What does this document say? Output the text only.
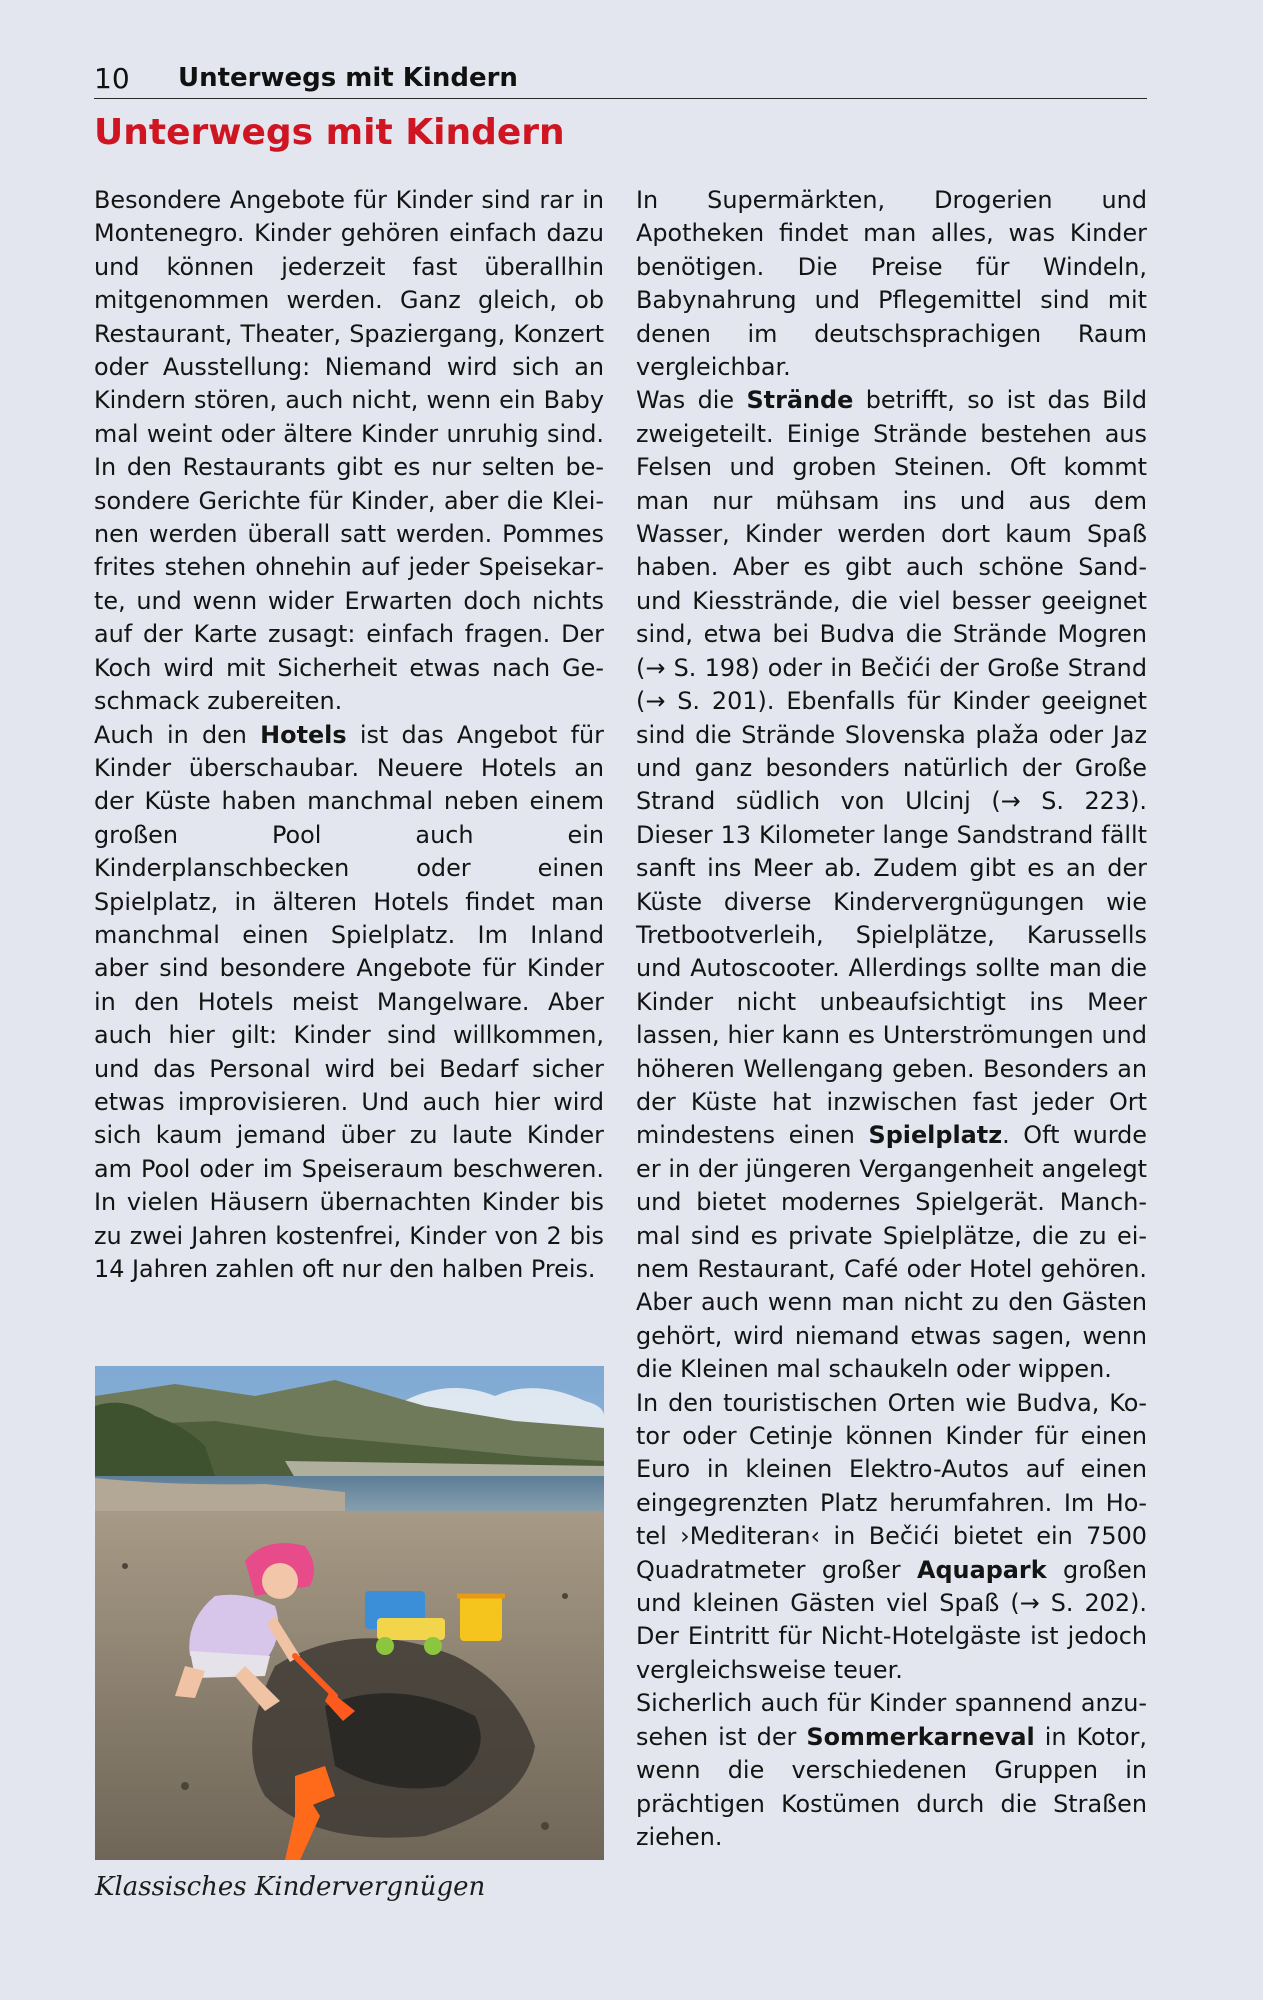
10 Unterwegs mit Kindern
Unterwegs mit Kindern

Besondere Angebote für Kinder sind rar in Montenegro. Kinder gehören einfach dazu und können jederzeit fast überallhin mitgenommen werden. Ganz gleich, ob Restaurant, Theater, Spaziergang, Konzert oder Ausstellung: Niemand wird sich an Kindern stören, auch nicht, wenn ein Baby mal weint oder ältere Kinder unruhig sind. In den Restaurants gibt es nur selten besondere Gerichte für Kinder, aber die Kleinen werden überall satt werden. Pommes frites stehen ohnehin auf jeder Speisekarte, und wenn wider Erwarten doch nichts auf der Karte zusagt: einfach fragen. Der Koch wird mit Sicherheit etwas nach Geschmack zubereiten.

Auch in den Hotels ist das Angebot für Kinder überschaubar. Neuere Hotels an der Küste haben manchmal neben einem großen Pool auch ein Kinderplanschbecken oder einen Spielplatz, in älteren Hotels findet man manchmal einen Spielplatz. Im Inland aber sind besondere Angebote für Kinder in den Hotels meist Mangelware. Aber auch hier gilt: Kinder sind willkommen, und das Personal wird bei Bedarf sicher etwas improvisieren. Und auch hier wird sich kaum jemand über zu laute Kinder am Pool oder im Speiseraum beschweren. In vielen Häusern übernachten Kinder bis zu zwei Jahren kostenfrei, Kinder von 2 bis 14 Jahren zahlen oft nur den halben Preis.

Klassisches Kindervergnügen

In Supermärkten, Drogerien und Apotheken findet man alles, was Kinder benötigen. Die Preise für Windeln, Babynahrung und Pflegemittel sind mit denen im deutschsprachigen Raum vergleichbar.

Was die Strände betrifft, so ist das Bild zweigeteilt. Einige Strände bestehen aus Felsen und groben Steinen. Oft kommt man nur mühsam ins und aus dem Wasser, Kinder werden dort kaum Spaß haben. Aber es gibt auch schöne Sand- und Kiesstrände, die viel besser geeignet sind, etwa bei Budva die Strände Mogren (→ S. 198) oder in Bečići der Große Strand (→ S. 201). Ebenfalls für Kinder geeignet sind die Strände Slovenska plaža oder Jaz und ganz besonders natürlich der Große Strand südlich von Ulcinj (→ S. 223). Dieser 13 Kilometer lange Sandstrand fällt sanft ins Meer ab. Zudem gibt es an der Küste diverse Kindervergnügungen wie Tretbootverleih, Spielplätze, Karussells und Autoscooter. Allerdings sollte man die Kinder nicht unbeaufsichtigt ins Meer lassen, hier kann es Unterströmungen und höheren Wellengang geben. Besonders an der Küste hat inzwischen fast jeder Ort mindestens einen Spielplatz. Oft wurde er in der jüngeren Vergangenheit angelegt und bietet modernes Spielgerät. Manchmal sind es private Spielplätze, die zu einem Restaurant, Café oder Hotel gehören. Aber auch wenn man nicht zu den Gästen gehört, wird niemand etwas sagen, wenn die Kleinen mal schaukeln oder wippen.

In den touristischen Orten wie Budva, Kotor oder Cetinje können Kinder für einen Euro in kleinen Elektro-Autos auf einen eingegrenzten Platz herumfahren. Im Hotel ›Mediteran‹ in Bečići bietet ein 7500 Quadratmeter großer Aquapark großen und kleinen Gästen viel Spaß (→ S. 202). Der Eintritt für Nicht-Hotelgäste ist jedoch vergleichsweise teuer.

Sicherlich auch für Kinder spannend anzusehen ist der Sommerkarneval in Kotor, wenn die verschiedenen Gruppen in prächtigen Kostümen durch die Straßen ziehen.
